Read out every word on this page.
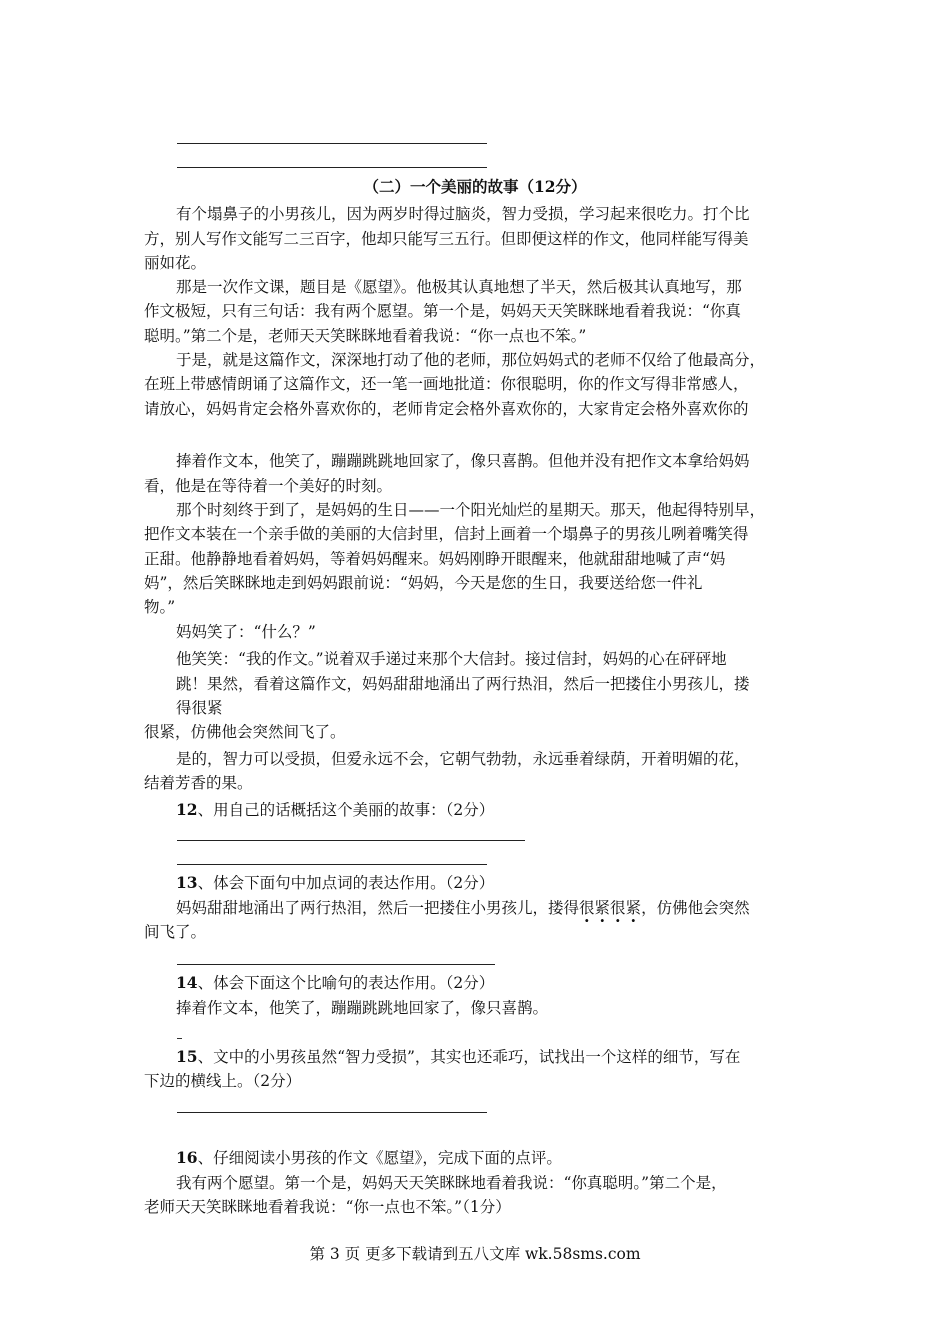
（二）一个美丽的故事（12分）
有个塌鼻子的小男孩儿，因为两岁时得过脑炎，智力受损，学习起来很吃力。打个比
方，别人写作文能写二三百字，他却只能写三五行。但即便这样的作文，他同样能写得美
丽如花。
那是一次作文课，题目是《愿望》。他极其认真地想了半天，然后极其认真地写，那
作文极短，只有三句话：我有两个愿望。第一个是，妈妈天天笑眯眯地看着我说：“你真
聪明。”第二个是，老师天天笑眯眯地看着我说：“你一点也不笨。”
于是，就是这篇作文，深深地打动了他的老师，那位妈妈式的老师不仅给了他最高分，
在班上带感情朗诵了这篇作文，还一笔一画地批道：你很聪明，你的作文写得非常感人，
请放心，妈妈肯定会格外喜欢你的，老师肯定会格外喜欢你的，大家肯定会格外喜欢你的
捧着作文本，他笑了，蹦蹦跳跳地回家了，像只喜鹊。但他并没有把作文本拿给妈妈
看，他是在等待着一个美好的时刻。
那个时刻终于到了，是妈妈的生日——一个阳光灿烂的星期天。那天，他起得特别早，
把作文本装在一个亲手做的美丽的大信封里，信封上画着一个塌鼻子的男孩儿咧着嘴笑得
正甜。他静静地看着妈妈，等着妈妈醒来。妈妈刚睁开眼醒来，他就甜甜地喊了声“妈
妈”，然后笑眯眯地走到妈妈跟前说：“妈妈，今天是您的生日，我要送给您一件礼
物。”
妈妈笑了：“什么？”
他笑笑：“我的作文。”说着双手递过来那个大信封。接过信封，妈妈的心在砰砰地
跳！果然，看着这篇作文，妈妈甜甜地涌出了两行热泪，然后一把搂住小男孩儿，搂
得很紧
很紧，仿佛他会突然间飞了。
是的，智力可以受损，但爱永远不会，它朝气勃勃，永远垂着绿荫，开着明媚的花，
结着芳香的果。
12、用自己的话概括这个美丽的故事：（2分）
13、体会下面句中加点词的表达作用。（2分）
妈妈甜甜地涌出了两行热泪，然后一把搂住小男孩儿，搂得很紧很紧，仿佛他会突然
间飞了。
14、体会下面这个比喻句的表达作用。（2分）
捧着作文本，他笑了，蹦蹦跳跳地回家了，像只喜鹊。
15、文中的小男孩虽然“智力受损”，其实也还乖巧，试找出一个这样的细节，写在
下边的横线上。（2分）
16、仔细阅读小男孩的作文《愿望》，完成下面的点评。
我有两个愿望。第一个是，妈妈天天笑眯眯地看着我说：“你真聪明。”第二个是，
老师天天笑眯眯地看着我说：“你一点也不笨。”（1分）
第 3 页 更多下载请到五八文库 wk.58sms.com
